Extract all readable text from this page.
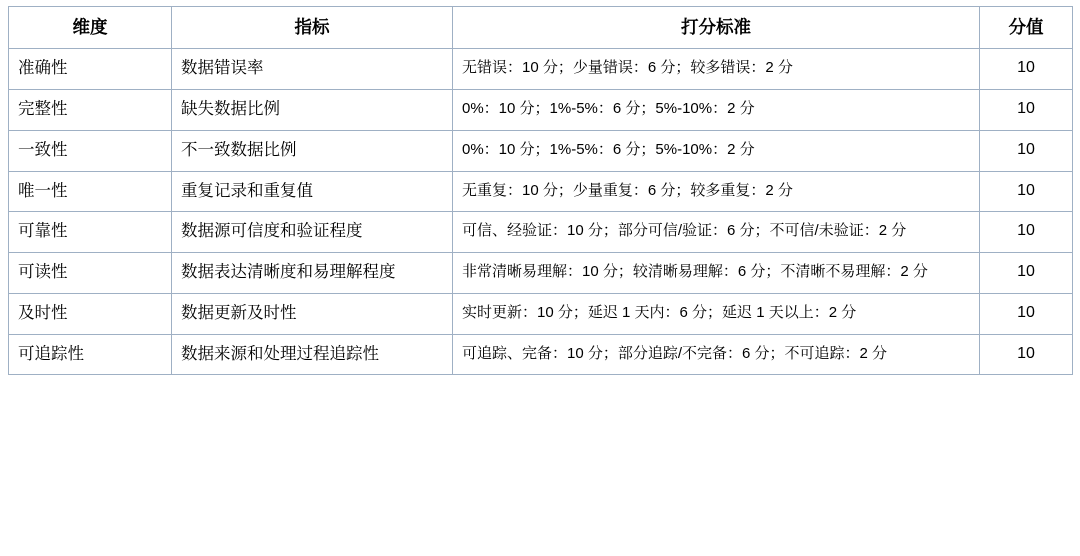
维度	指标	打分标准	分值
准确性	数据错误率	无错误：10 分；少量错误：6 分；较多错误：2 分	10
完整性	缺失数据比例	0%：10 分；1%-5%：6 分；5%-10%：2 分	10
一致性	不一致数据比例	0%：10 分；1%-5%：6 分；5%-10%：2 分	10
唯一性	重复记录和重复值	无重复：10 分；少量重复：6 分；较多重复：2 分	10
可靠性	数据源可信度和验证程度	可信、经验证：10 分；部分可信/验证：6 分；不可信/未验证：2 分	10
可读性	数据表达清晰度和易理解程度	非常清晰易理解：10 分；较清晰易理解：6 分；不清晰不易理解：2 分	10
及时性	数据更新及时性	实时更新：10 分；延迟 1 天内：6 分；延迟 1 天以上：2 分	10
可追踪性	数据来源和处理过程追踪性	可追踪、完备：10 分；部分追踪/不完备：6 分；不可追踪：2 分	10
